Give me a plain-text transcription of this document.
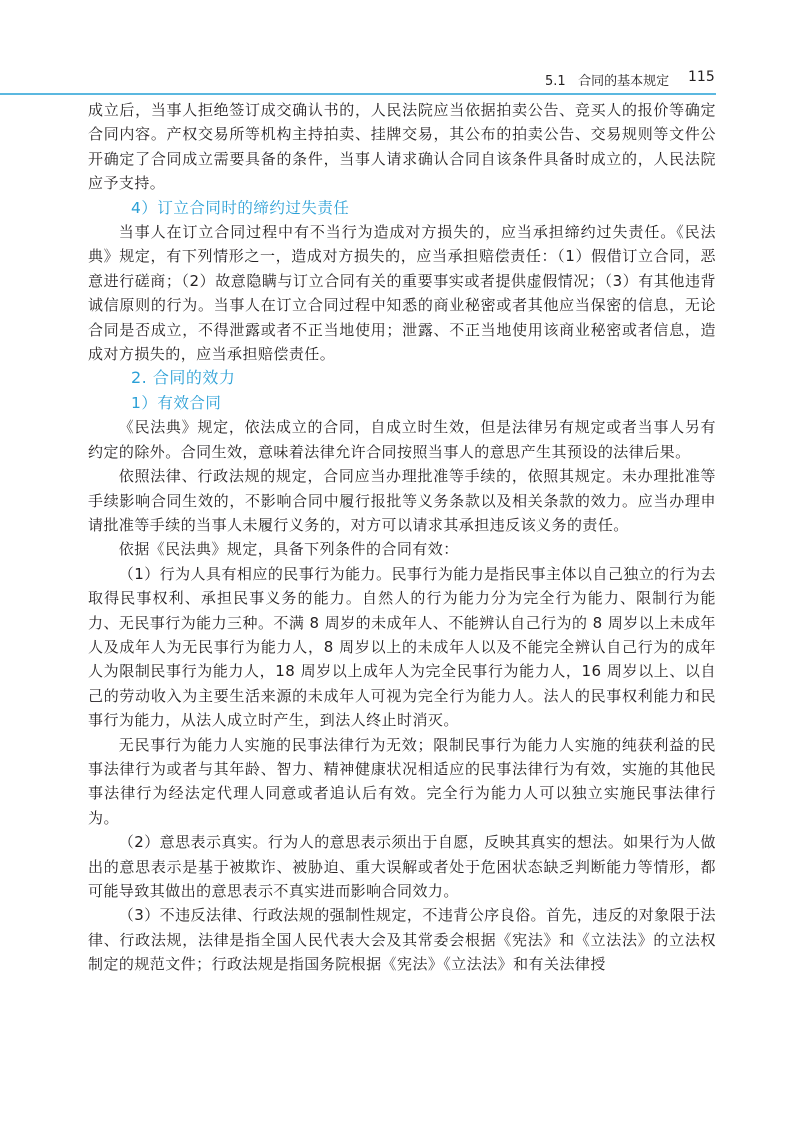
5.1 合同的基本规定 115

成立后，当事人拒绝签订成交确认书的，人民法院应当依据拍卖公告、竞买人的报价等确定合同内容。产权交易所等机构主持拍卖、挂牌交易，其公布的拍卖公告、交易规则等文件公开确定了合同成立需要具备的条件，当事人请求确认合同自该条件具备时成立的，人民法院应予支持。

4）订立合同时的缔约过失责任

当事人在订立合同过程中有不当行为造成对方损失的，应当承担缔约过失责任。《民法典》规定，有下列情形之一，造成对方损失的，应当承担赔偿责任：（1）假借订立合同，恶意进行磋商；（2）故意隐瞒与订立合同有关的重要事实或者提供虚假情况；（3）有其他违背诚信原则的行为。当事人在订立合同过程中知悉的商业秘密或者其他应当保密的信息，无论合同是否成立，不得泄露或者不正当地使用；泄露、不正当地使用该商业秘密或者信息，造成对方损失的，应当承担赔偿责任。

2. 合同的效力

1）有效合同

《民法典》规定，依法成立的合同，自成立时生效，但是法律另有规定或者当事人另有约定的除外。合同生效，意味着法律允许合同按照当事人的意思产生其预设的法律后果。

依照法律、行政法规的规定，合同应当办理批准等手续的，依照其规定。未办理批准等手续影响合同生效的，不影响合同中履行报批等义务条款以及相关条款的效力。应当办理申请批准等手续的当事人未履行义务的，对方可以请求其承担违反该义务的责任。

依据《民法典》规定，具备下列条件的合同有效：

（1）行为人具有相应的民事行为能力。民事行为能力是指民事主体以自己独立的行为去取得民事权利、承担民事义务的能力。自然人的行为能力分为完全行为能力、限制行为能力、无民事行为能力三种。不满 8 周岁的未成年人、不能辨认自己行为的 8 周岁以上未成年人及成年人为无民事行为能力人，8 周岁以上的未成年人以及不能完全辨认自己行为的成年人为限制民事行为能力人，18 周岁以上成年人为完全民事行为能力人，16 周岁以上、以自己的劳动收入为主要生活来源的未成年人可视为完全行为能力人。法人的民事权利能力和民事行为能力，从法人成立时产生，到法人终止时消灭。

无民事行为能力人实施的民事法律行为无效；限制民事行为能力人实施的纯获利益的民事法律行为或者与其年龄、智力、精神健康状况相适应的民事法律行为有效，实施的其他民事法律行为经法定代理人同意或者追认后有效。完全行为能力人可以独立实施民事法律行为。

（2）意思表示真实。行为人的意思表示须出于自愿，反映其真实的想法。如果行为人做出的意思表示是基于被欺诈、被胁迫、重大误解或者处于危困状态缺乏判断能力等情形，都可能导致其做出的意思表示不真实进而影响合同效力。

（3）不违反法律、行政法规的强制性规定，不违背公序良俗。首先，违反的对象限于法律、行政法规，法律是指全国人民代表大会及其常委会根据《宪法》和《立法法》的立法权制定的规范文件；行政法规是指国务院根据《宪法》《立法法》和有关法律授
